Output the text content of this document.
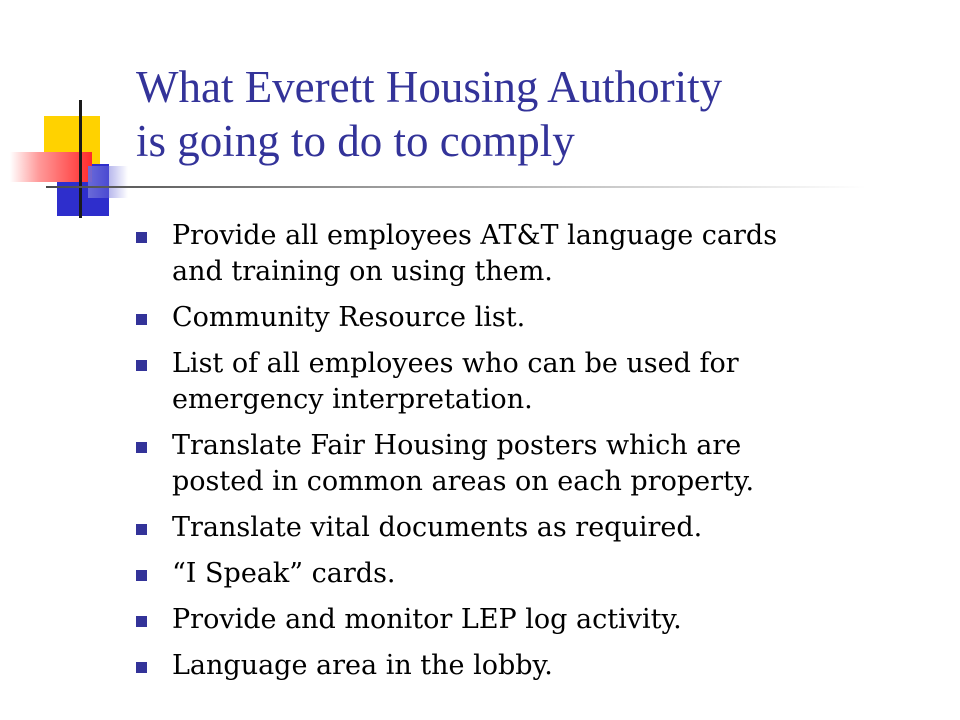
What Everett Housing Authority
is going to do to comply
Provide all employees AT&T language cards
and training on using them.
Community Resource list.
List of all employees who can be used for
emergency interpretation.
Translate Fair Housing posters which are
posted in common areas on each property.
Translate vital documents as required.
“I Speak” cards.
Provide and monitor LEP log activity.
Language area in the lobby.
